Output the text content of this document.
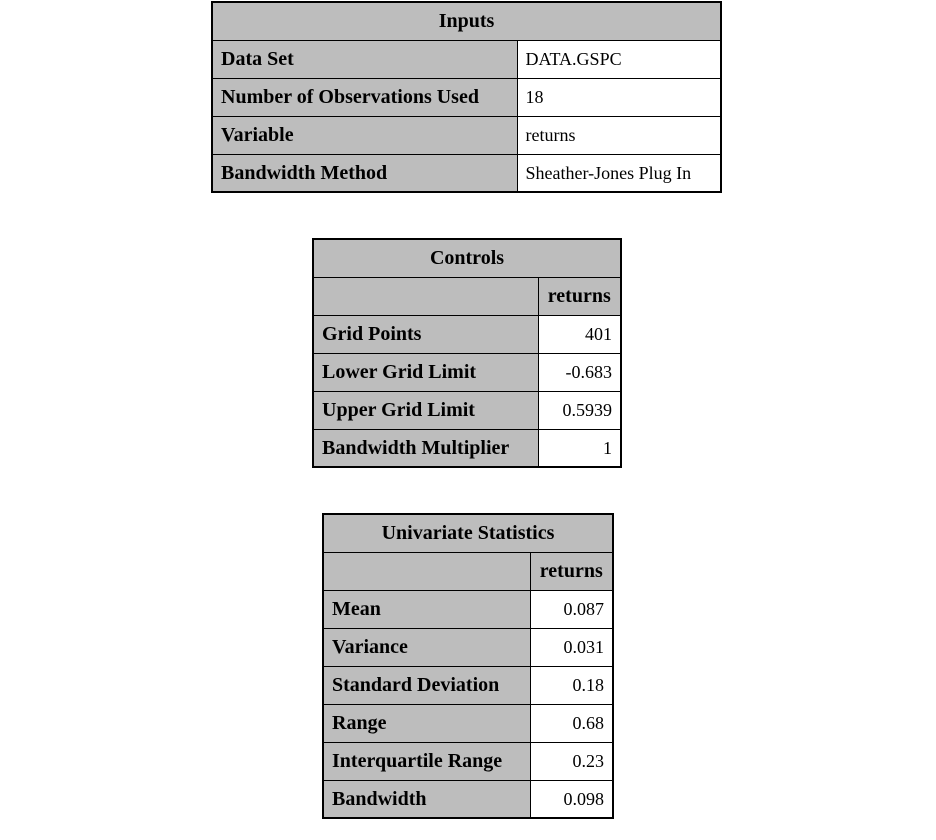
Inputs	
Data Set	DATA.GSPC
Number of Observations Used	18
Variable	returns
Bandwidth Method	Sheather-Jones Plug In
Controls	
	returns
Grid Points	401
Lower Grid Limit	-0.683
Upper Grid Limit	0.5939
Bandwidth Multiplier	1
Univariate Statistics	
	returns
Mean	0.087
Variance	0.031
Standard Deviation	0.18
Range	0.68
Interquartile Range	0.23
Bandwidth	0.098
